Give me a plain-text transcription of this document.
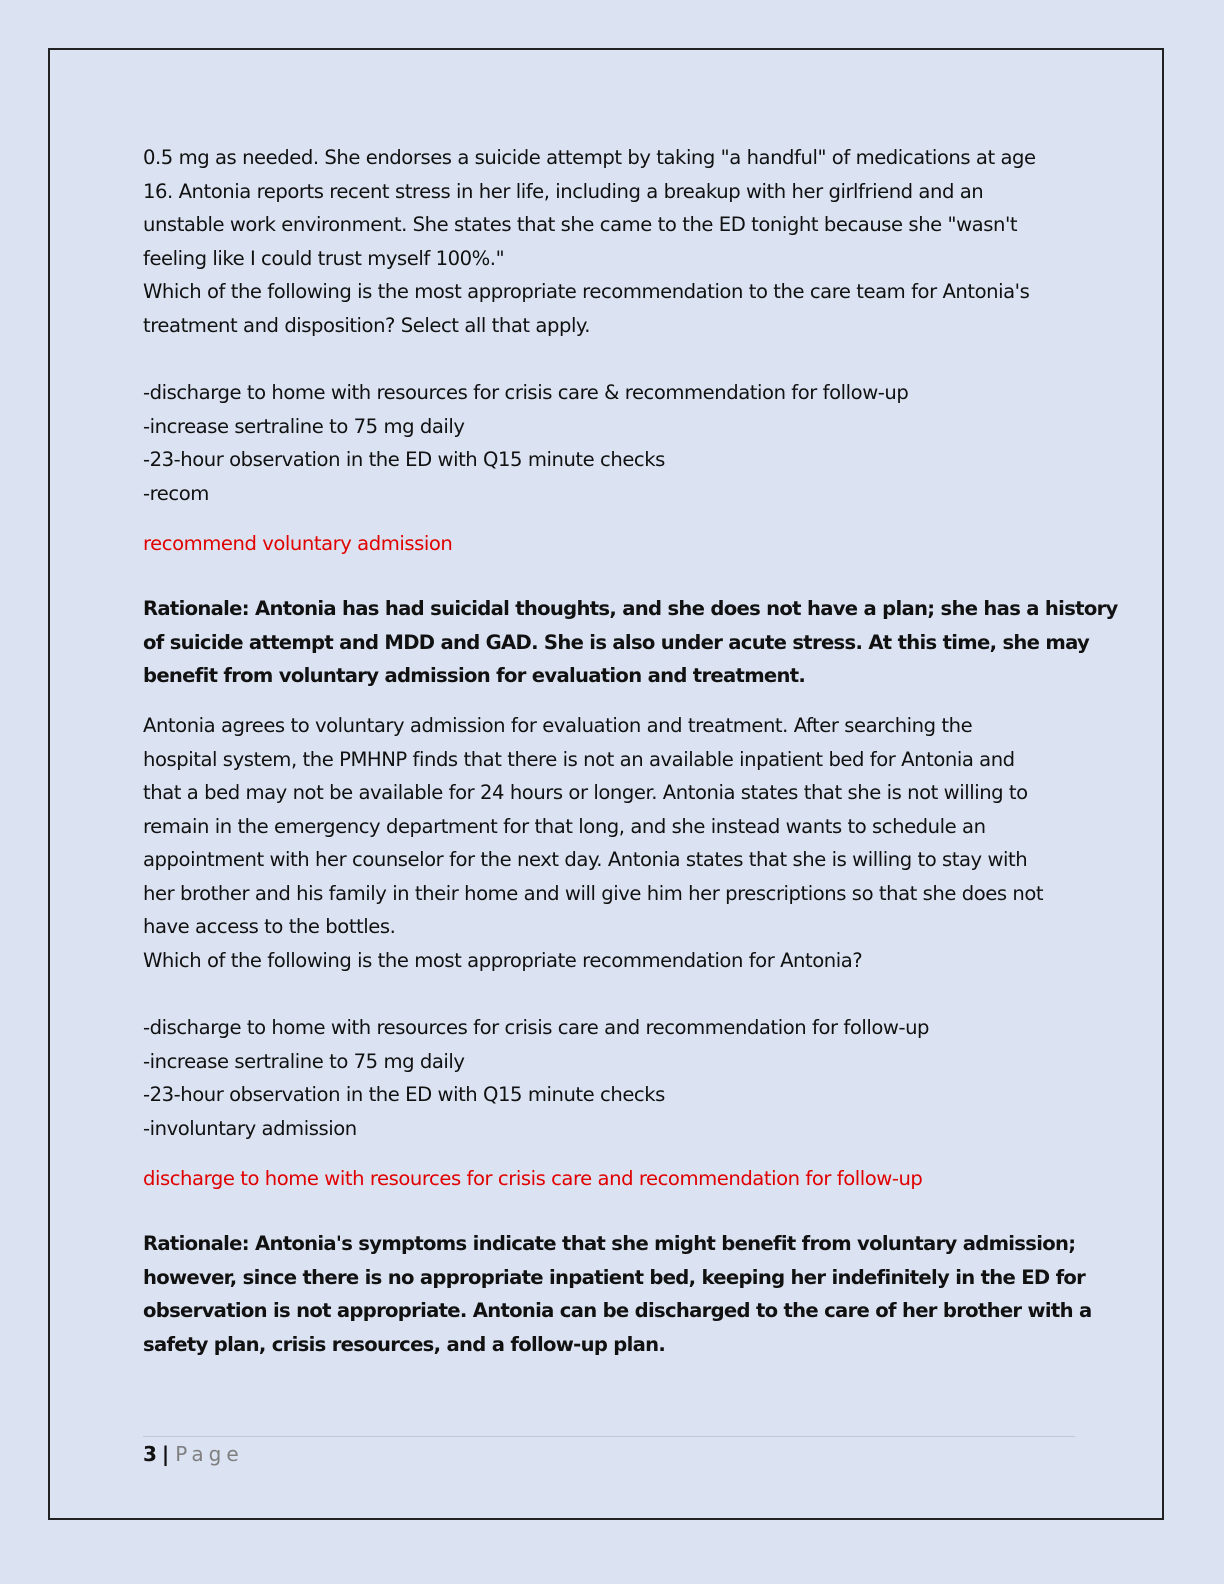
0.5 mg as needed. She endorses a suicide attempt by taking "a handful" of medications at age
16. Antonia reports recent stress in her life, including a breakup with her girlfriend and an
unstable work environment. She states that she came to the ED tonight because she "wasn't
feeling like I could trust myself 100%."
Which of the following is the most appropriate recommendation to the care team for Antonia's
treatment and disposition? Select all that apply.
-discharge to home with resources for crisis care & recommendation for follow-up
-increase sertraline to 75 mg daily
-23-hour observation in the ED with Q15 minute checks
-recom
recommend voluntary admission
Rationale: Antonia has had suicidal thoughts, and she does not have a plan; she has a history
of suicide attempt and MDD and GAD. She is also under acute stress. At this time, she may
benefit from voluntary admission for evaluation and treatment.
Antonia agrees to voluntary admission for evaluation and treatment. After searching the
hospital system, the PMHNP finds that there is not an available inpatient bed for Antonia and
that a bed may not be available for 24 hours or longer. Antonia states that she is not willing to
remain in the emergency department for that long, and she instead wants to schedule an
appointment with her counselor for the next day. Antonia states that she is willing to stay with
her brother and his family in their home and will give him her prescriptions so that she does not
have access to the bottles.
Which of the following is the most appropriate recommendation for Antonia?
-discharge to home with resources for crisis care and recommendation for follow-up
-increase sertraline to 75 mg daily
-23-hour observation in the ED with Q15 minute checks
-involuntary admission
discharge to home with resources for crisis care and recommendation for follow-up
Rationale: Antonia's symptoms indicate that she might benefit from voluntary admission;
however, since there is no appropriate inpatient bed, keeping her indefinitely in the ED for
observation is not appropriate. Antonia can be discharged to the care of her brother with a
safety plan, crisis resources, and a follow-up plan.
3 | Page
